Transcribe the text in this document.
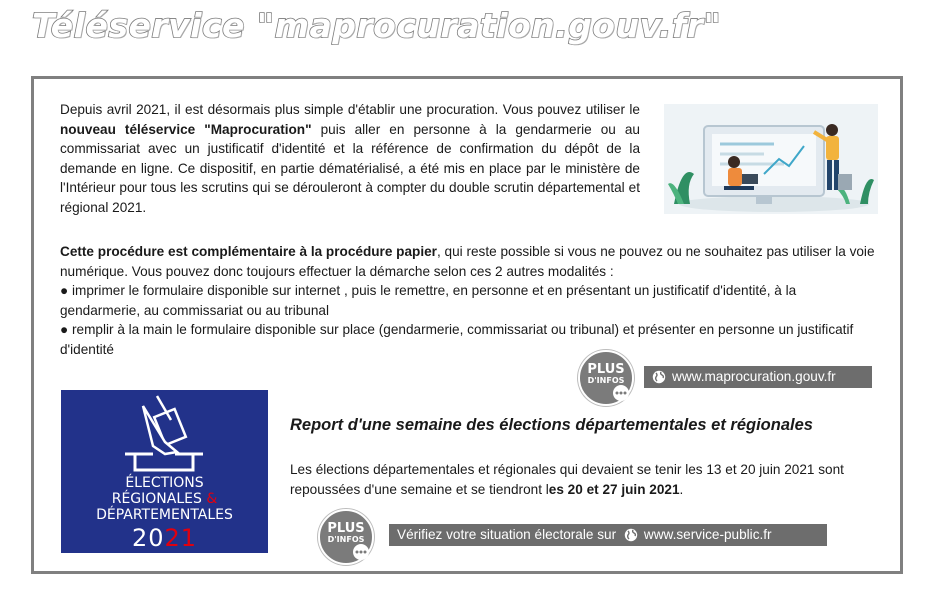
Téléservice "maprocuration.gouv.fr"

Depuis avril 2021, il est désormais plus simple d'établir une procuration. Vous pouvez utiliser le nouveau téléservice "Maprocuration" puis aller en personne à la gendarmerie ou au commissariat avec un justificatif d'identité et la référence de confirmation du dépôt de la demande en ligne. Ce dispositif, en partie dématérialisé, a été mis en place par le ministère de l'Intérieur pour tous les scrutins qui se dérouleront à compter du double scrutin départemental et régional 2021.

Cette procédure est complémentaire à la procédure papier, qui reste possible si vous ne pouvez ou ne souhaitez pas utiliser la voie numérique. Vous pouvez donc toujours effectuer la démarche selon ces 2 autres modalités :
● imprimer le formulaire disponible sur internet , puis le remettre, en personne et en présentant un justificatif d'identité, à la gendarmerie, au commissariat ou au tribunal
● remplir à la main le formulaire disponible sur place (gendarmerie, commissariat ou tribunal) et présenter en personne un justificatif d'identité
PLUS
D'INFOS	www.maprocuration.gouv.fr
ÉLECTIONS
RÉGIONALES &
DÉPARTEMENTALES
2021
Report d'une semaine des élections départementales et régionales

Les élections départementales et régionales qui devaient se tenir les 13 et 20 juin 2021 sont repoussées d'une semaine et se tiendront les 20 et 27 juin 2021.

PLUS
D'INFOS	Vérifiez votre situation électorale sur www.service-public.fr
